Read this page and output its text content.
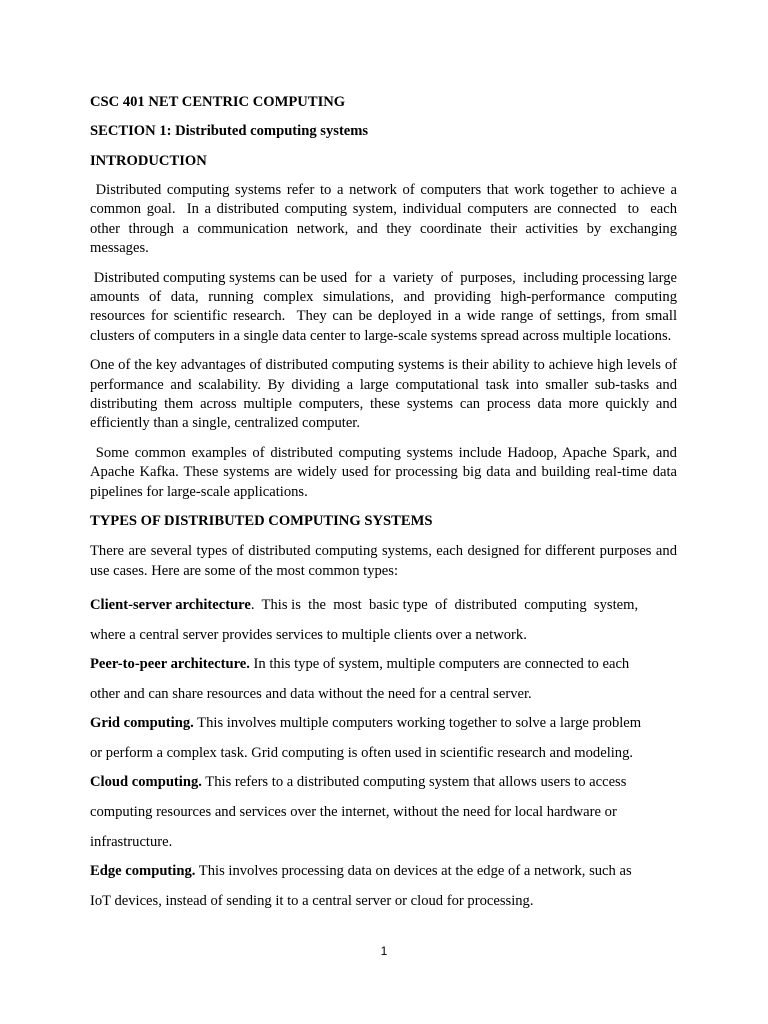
CSC 401 NET CENTRIC COMPUTING

SECTION 1: Distributed computing systems

INTRODUCTION

Distributed computing systems refer to a network of computers that work together to achieve a common goal.  In a distributed computing system, individual computers are connected  to  each other through a communication network, and they coordinate their activities by exchanging messages.

Distributed computing systems can be used  for  a  variety  of  purposes,  including processing large amounts of data, running complex simulations, and providing high-performance computing resources for scientific research.  They can be deployed in a wide range of settings, from small clusters of computers in a single data center to large-scale systems spread across multiple locations.

One of the key advantages of distributed computing systems is their ability to achieve high levels of performance and scalability. By dividing a large computational task into smaller sub-tasks and distributing them across multiple computers, these systems can process data more quickly and efficiently than a single, centralized computer.

Some common examples of distributed computing systems include Hadoop, Apache Spark, and Apache Kafka. These systems are widely used for processing big data and building real-time data pipelines for large-scale applications.

TYPES OF DISTRIBUTED COMPUTING SYSTEMS

There are several types of distributed computing systems, each designed for different purposes and use cases. Here are some of the most common types:

Client-server architecture.  This is  the  most  basic type  of  distributed  computing  system,
where a central server provides services to multiple clients over a network.
Peer-to-peer architecture. In this type of system, multiple computers are connected to each
other and can share resources and data without the need for a central server.
Grid computing. This involves multiple computers working together to solve a large problem
or perform a complex task. Grid computing is often used in scientific research and modeling.
Cloud computing. This refers to a distributed computing system that allows users to access
computing resources and services over the internet, without the need for local hardware or
infrastructure.
Edge computing. This involves processing data on devices at the edge of a network, such as
IoT devices, instead of sending it to a central server or cloud for processing.
1
